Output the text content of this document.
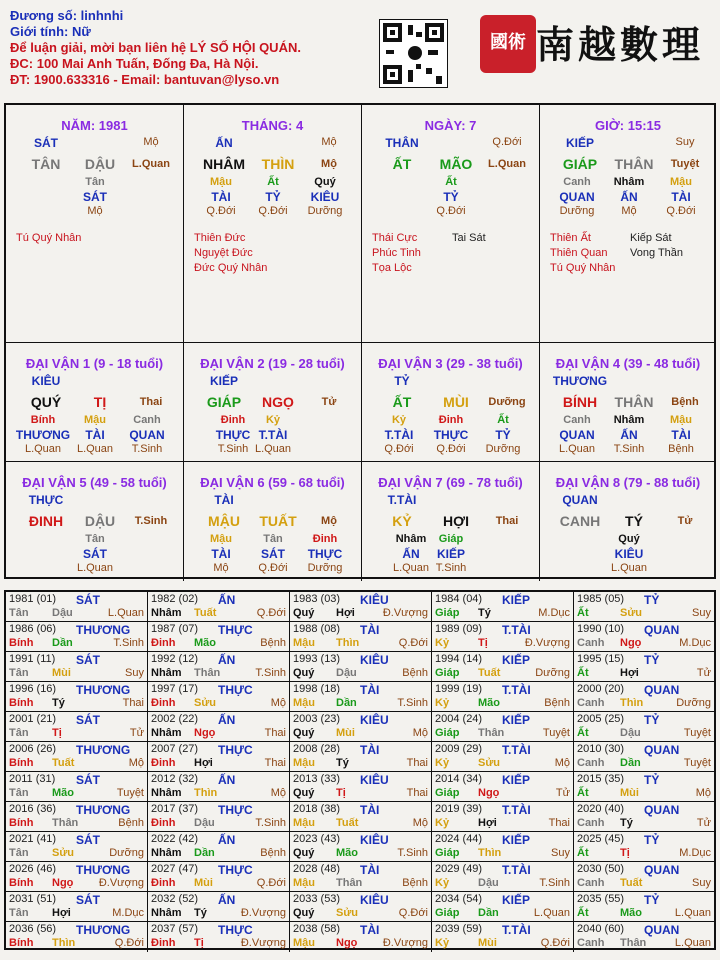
Đương số: linhnhi
Giới tính: Nữ
Để luận giải, mời bạn liên hệ LÝ SỐ HỘI QUÁN.
ĐC: 100 Mai Anh Tuấn, Đống Đa, Hà Nội.
ĐT: 1900.633316 - Email: bantuvan@lyso.vn
國術 南越數理
NĂM: 1981
SÁT	Mộ
TÂN	DẬU	L.Quan
Tân
SÁT
Mộ
Tú Quý Nhân
THÁNG: 4
ẤN	Mộ
NHÂM	THÌN	Mộ
Mậu
TÀI
Q.Đới
Ất
TỶ
Q.Đới
Quý
KIÊU
Dưỡng
Thiên Đức
Nguyệt Đức
Đức Quý Nhân
NGÀY: 7
THÂN	Q.Đới
ẤT	MÃO	L.Quan
Ất
TỶ
Q.Đới
Thái Cực
Phúc Tinh
Tọa Lộc
Tai Sát
GIỜ: 15:15
KIẾP	Suy
GIÁP	THÂN	Tuyệt
Canh
QUAN
Dưỡng
Nhâm
ẤN
Mộ
Mậu
TÀI
Q.Đới
Thiên Ất
Thiên Quan
Tú Quý Nhân
Kiếp Sát
Vong Thần
ĐẠI VẬN 1 (9 - 18 tuổi)
KIÊU
QUÝ	TỊ	Thai
Bính
THƯƠNG
L.Quan
Mậu
TÀI
L.Quan
Canh
QUAN
T.Sinh
ĐẠI VẬN 2 (19 - 28 tuổi)
KIẾP
GIÁP	NGỌ	Tử
Đinh
THỰC
T.Sinh
Kỷ
T.TÀI
L.Quan
ĐẠI VẬN 3 (29 - 38 tuổi)
TỶ
ẤT	MÙI	Dưỡng
Kỷ
T.TÀI
Q.Đới
Đinh
THỰC
Q.Đới
Ất
TỶ
Dưỡng
ĐẠI VẬN 4 (39 - 48 tuổi)
THƯƠNG
BÍNH	THÂN	Bệnh
Canh
QUAN
L.Quan
Nhâm
ẤN
T.Sinh
Mậu
TÀI
Bệnh
ĐẠI VẬN 5 (49 - 58 tuổi)
THỰC
ĐINH	DẬU	T.Sinh
Tân
SÁT
L.Quan
ĐẠI VẬN 6 (59 - 68 tuổi)
TÀI
MẬU	TUẤT	Mộ
Mậu
TÀI
Mộ
Tân
SÁT
Q.Đới
Đinh
THỰC
Dưỡng
ĐẠI VẬN 7 (69 - 78 tuổi)
T.TÀI
KỶ	HỢI	Thai
Nhâm
ẤN
L.Quan
Giáp
KIẾP
T.Sinh
ĐẠI VẬN 8 (79 - 88 tuổi)
QUAN
CANH	TÝ	Tử
Quý
KIÊU
L.Quan
1981 (01) SÁT
Tân Dậu	L.Quan
1982 (02) ẤN
Nhâm Tuất	Q.Đới
1983 (03) KIÊU
Quý Hợi	Đ.Vượng
1984 (04) KIẾP
Giáp Tý	M.Dục
1985 (05) TỶ
Ất	Sửu	Suy
1986 (06) THƯƠNG
Bính Dần	T.Sinh
1987 (07) THỰC
Đinh Mão	Bệnh
1988 (08) TÀI
Mậu Thìn	Q.Đới
1989 (09) T.TÀI
Kỷ	Tị	Đ.Vượng
1990 (10) QUAN
Canh Ngọ	M.Dục
1991 (11) SÁT
Tân Mùi	Suy
1992 (12) ẤN
Nhâm Thân	T.Sinh
1993 (13) KIÊU
Quý Dậu	Bệnh
1994 (14) KIẾP
Giáp Tuất	Dưỡng
1995 (15) TỶ
Ất	Hợi	Tử
1996 (16) THƯƠNG
Bính Tý	Thai
1997 (17) THỰC
Đinh Sửu	Mộ
1998 (18) TÀI
Mậu Dần	T.Sinh
1999 (19) T.TÀI
Kỷ	Mão	Bệnh
2000 (20) QUAN
Canh Thìn	Dưỡng
2001 (21) SÁT
Tân Tị	Tử
2002 (22) ẤN
Nhâm Ngọ	Thai
2003 (23) KIÊU
Quý Mùi	Mộ
2004 (24) KIẾP
Giáp Thân	Tuyệt
2005 (25) TỶ
Ất	Dậu	Tuyệt
2006 (26) THƯƠNG
Bính Tuất	Mộ
2007 (27) THỰC
Đinh Hợi	Thai
2008 (28) TÀI
Mậu Tý	Thai
2009 (29) T.TÀI
Kỷ	Sửu	Mộ
2010 (30) QUAN
Canh Dần	Tuyệt
2011 (31) SÁT
Tân Mão	Tuyệt
2012 (32) ẤN
Nhâm Thìn	Mộ
2013 (33) KIÊU
Quý Tị	Thai
2014 (34) KIẾP
Giáp Ngọ	Tử
2015 (35) TỶ
Ất	Mùi	Mộ
2016 (36) THƯƠNG
Bính Thân	Bệnh
2017 (37) THỰC
Đinh Dậu	T.Sinh
2018 (38) TÀI
Mậu Tuất	Mộ
2019 (39) T.TÀI
Kỷ	Hợi	Thai
2020 (40) QUAN
Canh Tý	Tử
2021 (41) SÁT
Tân Sửu	Dưỡng
2022 (42) ẤN
Nhâm Dần	Bệnh
2023 (43) KIÊU
Quý Mão	T.Sinh
2024 (44) KIẾP
Giáp Thìn	Suy
2025 (45) TỶ
Ất	Tị	M.Dục
2026 (46) THƯƠNG
Bính Ngọ Đ.Vượng
2027 (47) THỰC
Đinh Mùi	Q.Đới
2028 (48) TÀI
Mậu Thân	Bệnh
2029 (49) T.TÀI
Kỷ	Dậu	T.Sinh
2030 (50) QUAN
Canh Tuất	Suy
2031 (51) SÁT
Tân Hợi	M.Dục
2032 (52) ẤN
Nhâm Tý	Đ.Vượng
2033 (53) KIÊU
Quý Sửu	Q.Đới
2034 (54) KIẾP
Giáp Dần	L.Quan
2035 (55) TỶ
Ất	Mão	L.Quan
2036 (56) THƯƠNG
Bính Thìn	Q.Đới
2037 (57) THỰC
Đinh Tị	Đ.Vượng
2038 (58) TÀI
Mậu Ngọ Đ.Vượng
2039 (59) T.TÀI
Kỷ	Mùi	Q.Đới
2040 (60) QUAN
Canh Thân	L.Quan
